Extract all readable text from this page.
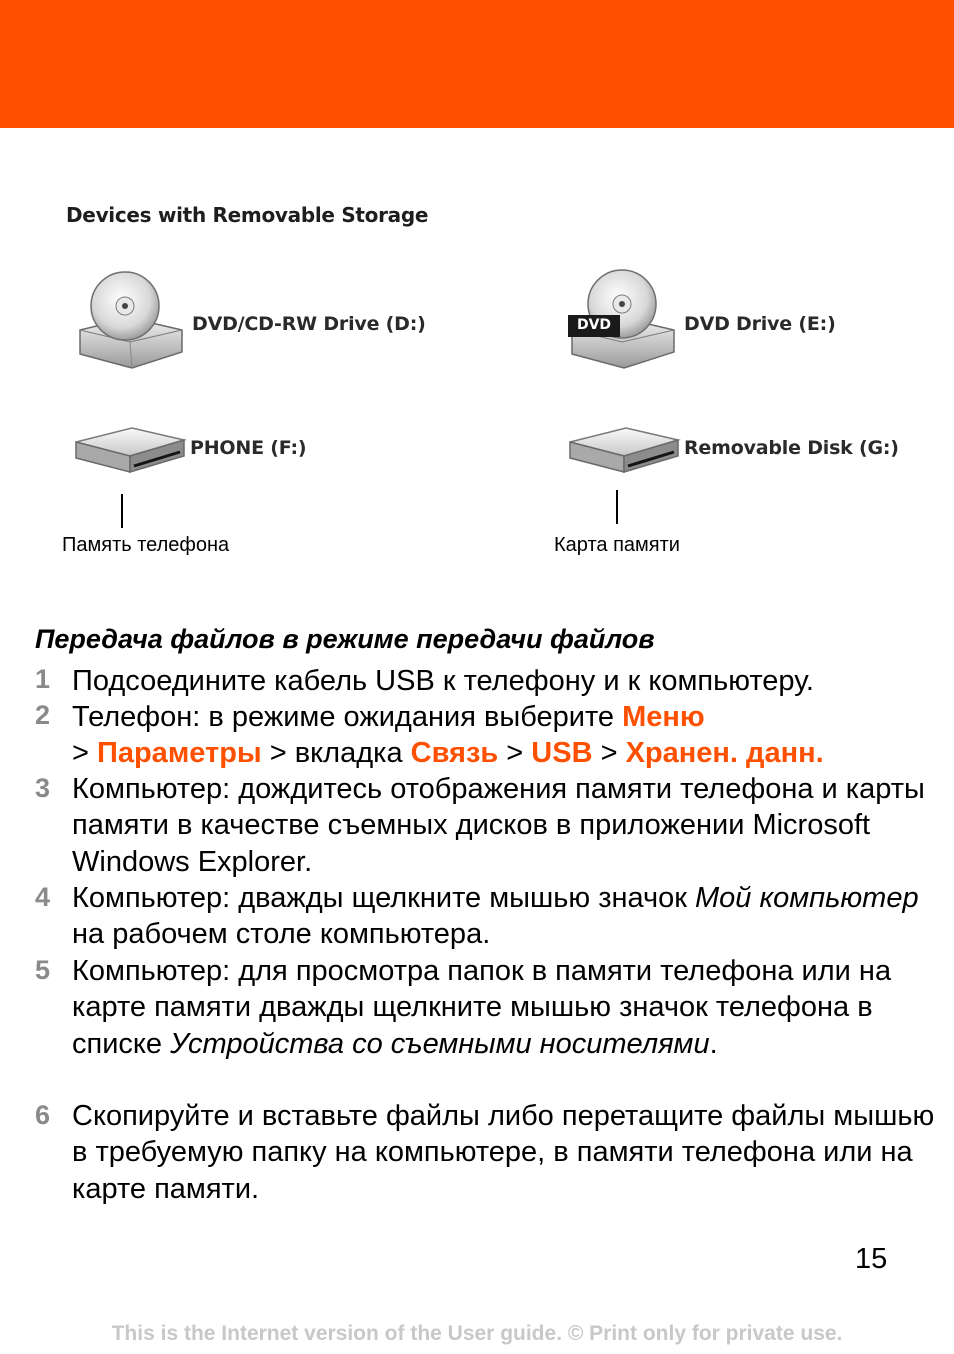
Devices with Removable Storage
DVD/CD-RW Drive (D:)	DVD	DVD Drive (E:)
PHONE (F:)	Removable Disk (G:)
Память телефона	Карта памяти
Передача файлов в режиме передачи файлов
1 Подсоедините кабель USB к телефону и к компьютеру.
2 Телефон: в режиме ожидания выберите Меню
> Параметры > вкладка Связь > USB > Хранен. данн.
3 Компьютер: дождитесь отображения памяти телефона и карты памяти в качестве съемных дисков в приложении Microsoft Windows Explorer.
4 Компьютер: дважды щелкните мышью значок Мой компьютер на рабочем столе компьютера.
5 Компьютер: для просмотра папок в памяти телефона или на карте памяти дважды щелкните мышью значок телефона в списке Устройства со съемными носителями.
6 Скопируйте и вставьте файлы либо перетащите файлы мышью в требуемую папку на компьютере, в памяти телефона или на карте памяти.
15
This is the Internet version of the User guide. © Print only for private use.
